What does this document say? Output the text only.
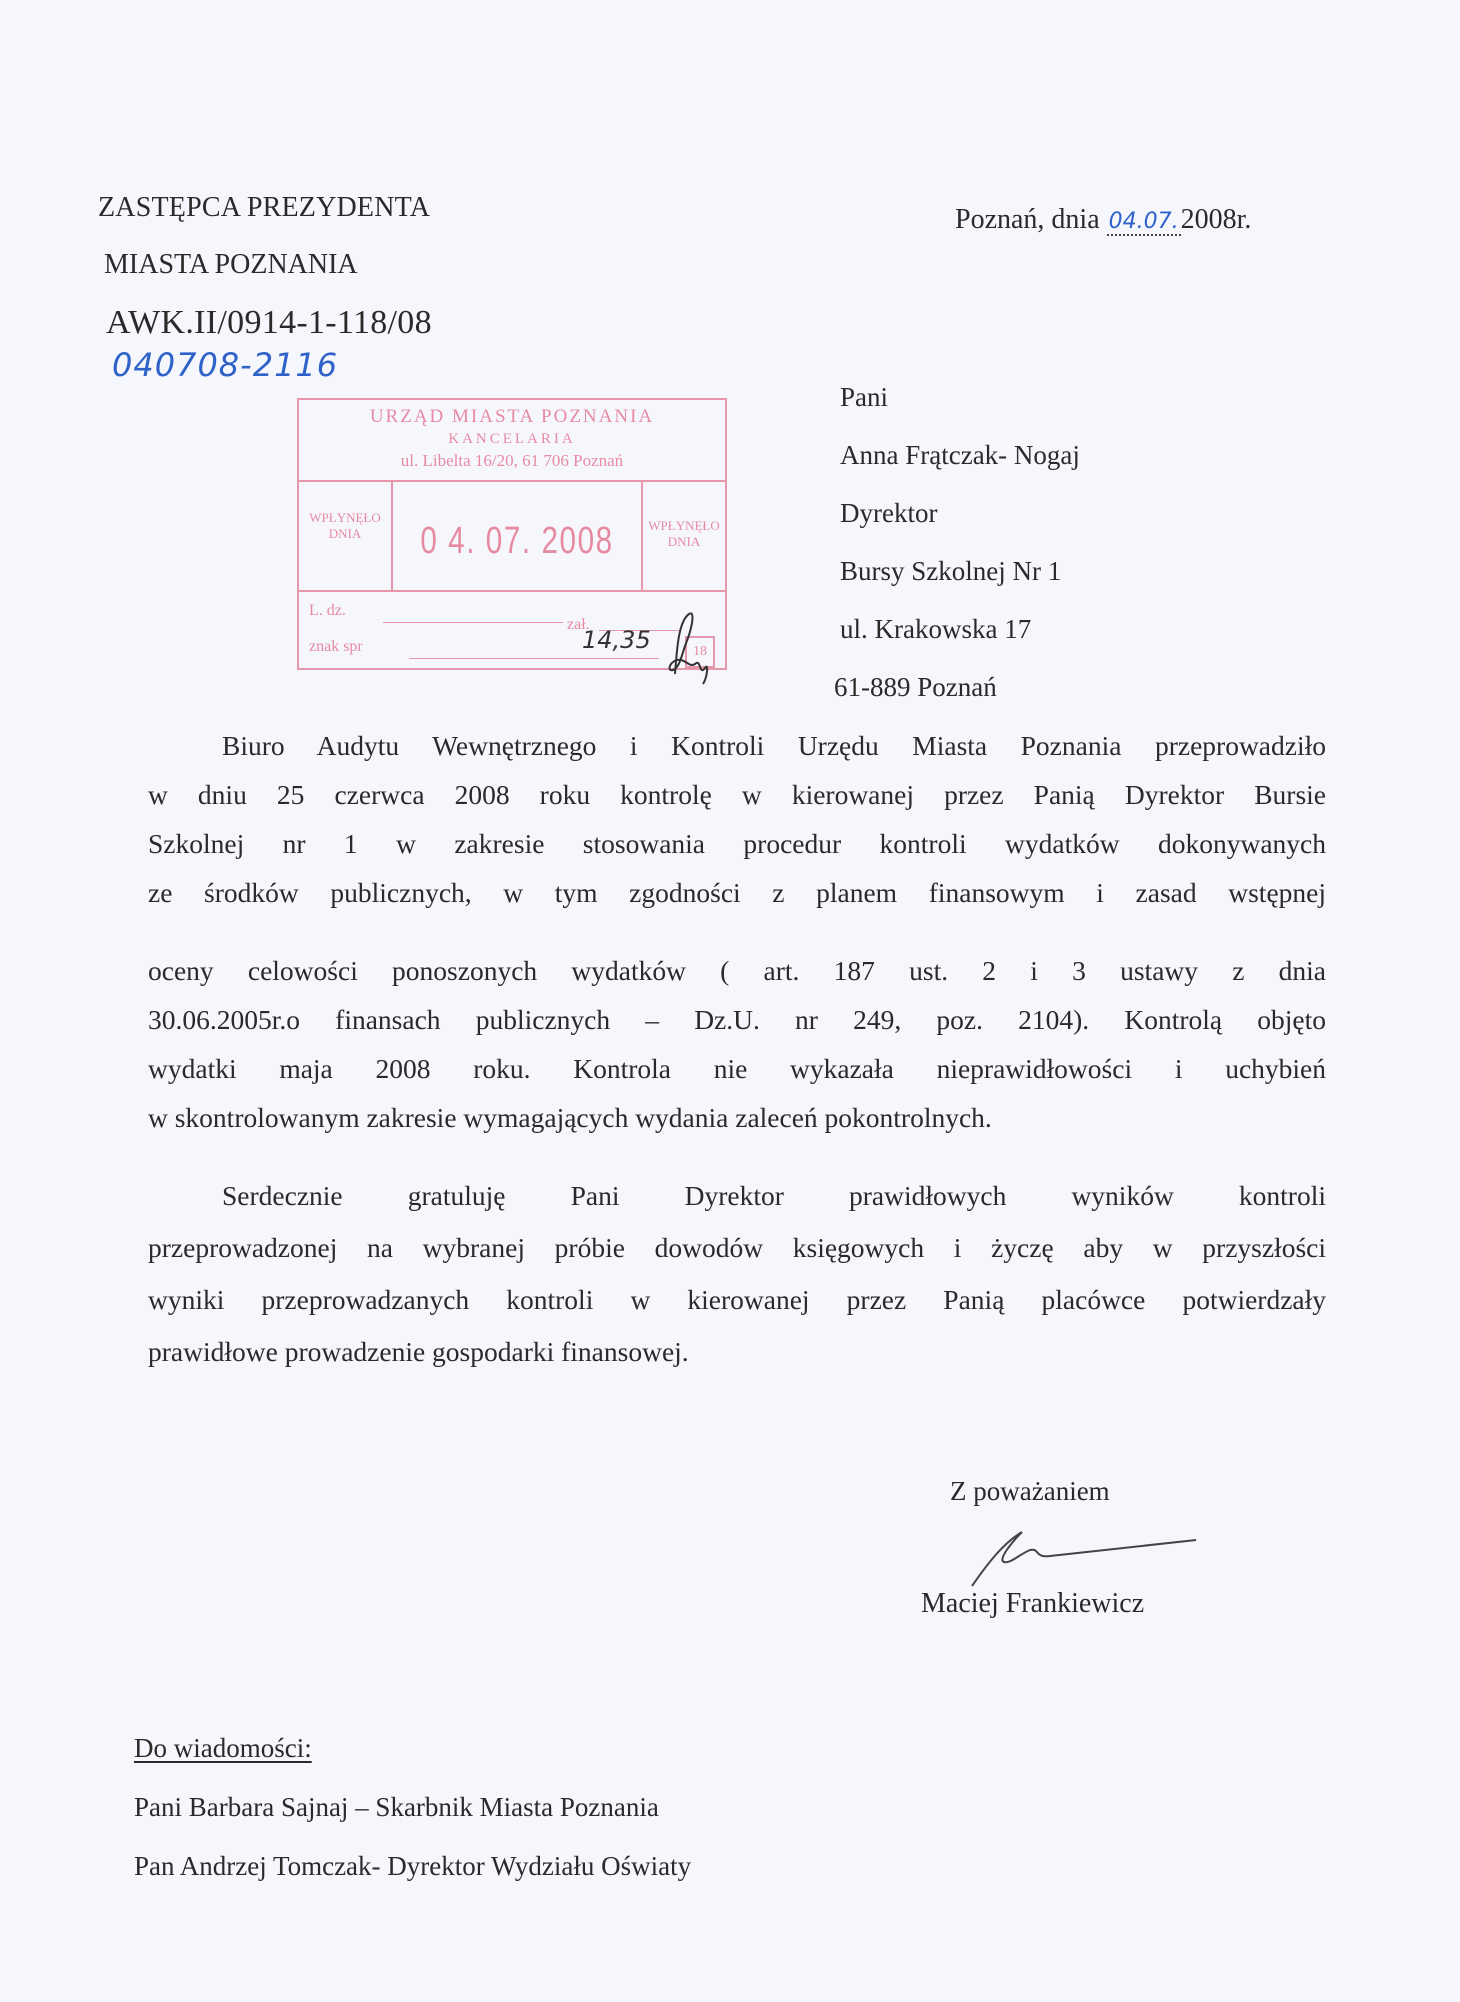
ZASTĘPCA PREZYDENTA
MIASTA POZNANIA
AWK.II/0914-1-118/08
040708-2116
Poznań, dnia 04.07.2008r.
URZĄD MIASTA POZNANIA
KANCELARIA
ul. Libelta 16/20, 61 706 Poznań
WPŁYNĘŁO
DNIA	0 4. 07. 2008	WPŁYNĘŁO
DNIA
L. dz.
zał.
znak spr	18
14,35
Pani
Anna Frątczak- Nogaj
Dyrektor
Bursy Szkolnej Nr 1
ul. Krakowska 17
61-889 Poznań
Biuro Audytu Wewnętrznego i Kontroli Urzędu Miasta Poznania przeprowadziło
w dniu 25 czerwca 2008 roku kontrolę w kierowanej przez Panią Dyrektor Bursie
Szkolnej nr 1 w zakresie stosowania procedur kontroli wydatków dokonywanych
ze środków publicznych, w tym zgodności z planem finansowym i zasad wstępnej
oceny celowości ponoszonych wydatków ( art. 187 ust. 2 i 3 ustawy z dnia
30.06.2005r.o finansach publicznych – Dz.U. nr 249, poz. 2104). Kontrolą objęto
wydatki maja 2008 roku. Kontrola nie wykazała nieprawidłowości i uchybień
w skontrolowanym zakresie wymagających wydania zaleceń pokontrolnych.
Serdecznie gratuluję Pani Dyrektor prawidłowych wyników kontroli
przeprowadzonej na wybranej próbie dowodów księgowych i życzę aby w przyszłości
wyniki przeprowadzanych kontroli w kierowanej przez Panią placówce potwierdzały
prawidłowe prowadzenie gospodarki finansowej.
Z poważaniem
Maciej Frankiewicz
Do wiadomości:
Pani Barbara Sajnaj – Skarbnik Miasta Poznania
Pan Andrzej Tomczak- Dyrektor Wydziału Oświaty
